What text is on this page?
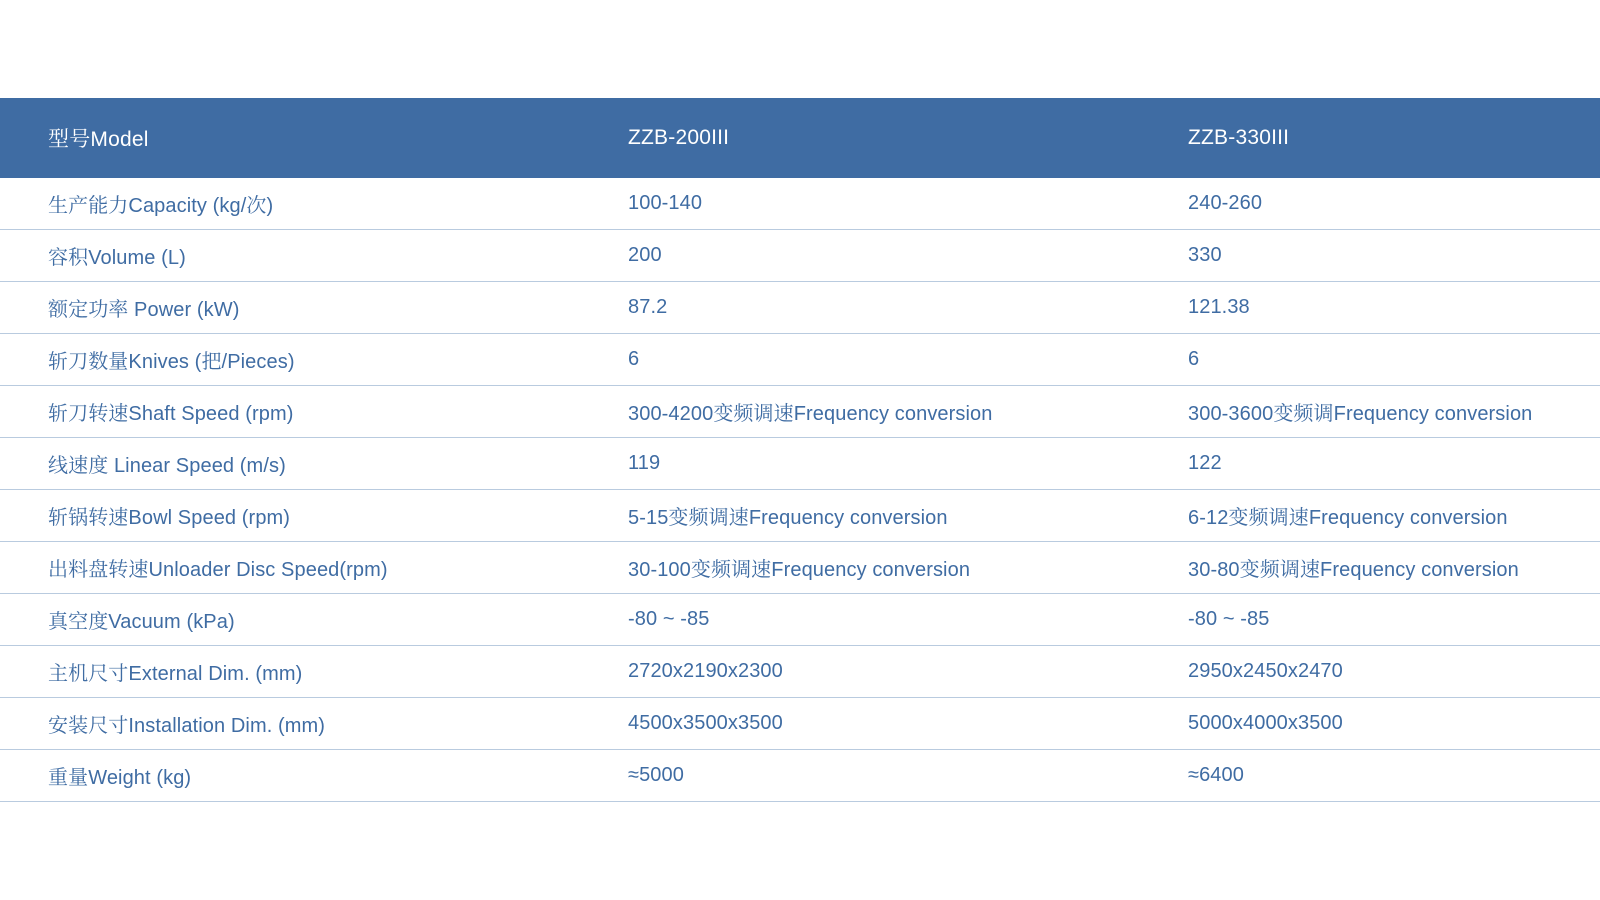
型号Model	ZZB-200III	ZZB-330III
生产能力Capacity (kg/次)	100-140	240-260
容积Volume (L)	200	330
额定功率 Power (kW)	87.2	121.38
斩刀数量Knives (把/Pieces)	6	6
斩刀转速Shaft Speed (rpm)	300-4200变频调速Frequency conversion	300-3600变频调Frequency conversion
线速度 Linear Speed (m/s)	119	122
斩锅转速Bowl Speed (rpm)	5-15变频调速Frequency conversion	6-12变频调速Frequency conversion
出料盘转速Unloader Disc Speed(rpm)	30-100变频调速Frequency conversion	30-80变频调速Frequency conversion
真空度Vacuum (kPa)	-80 ~ -85	-80 ~ -85
主机尺寸External Dim. (mm)	2720x2190x2300	2950x2450x2470
安装尺寸Installation Dim. (mm)	4500x3500x3500	5000x4000x3500
重量Weight (kg)	≈5000	≈6400
